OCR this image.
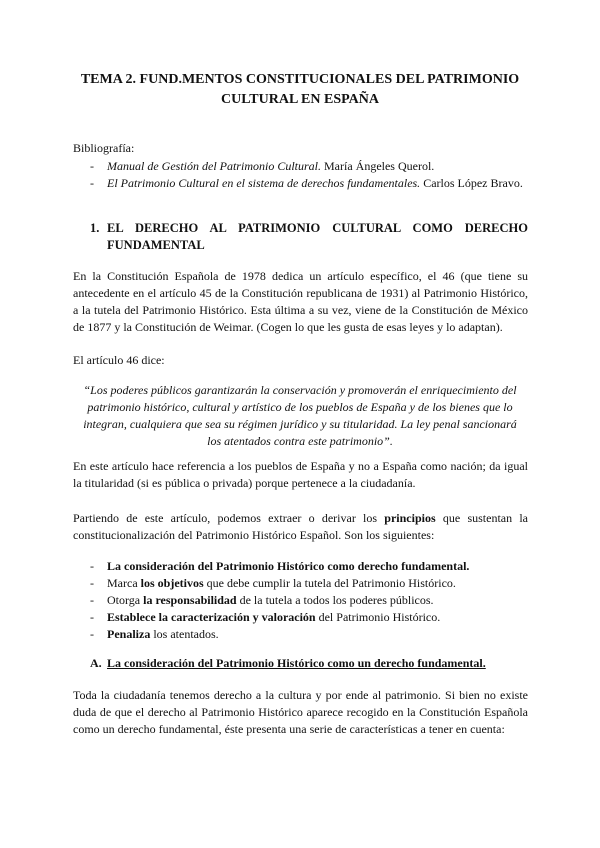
TEMA 2. FUND.MENTOS CONSTITUCIONALES DEL PATRIMONIO CULTURAL EN ESPAÑA
Bibliografía:
- Manual de Gestión del Patrimonio Cultural. María Ángeles Querol.
- El Patrimonio Cultural en el sistema de derechos fundamentales. Carlos López Bravo.
1. EL DERECHO AL PATRIMONIO CULTURAL COMO DERECHO FUNDAMENTAL
En la Constitución Española de 1978 dedica un artículo específico, el 46 (que tiene su antecedente en el artículo 45 de la Constitución republicana de 1931) al Patrimonio Histórico, a la tutela del Patrimonio Histórico. Esta última a su vez, viene de la Constitución de México de 1877 y la Constitución de Weimar. (Cogen lo que les gusta de esas leyes y lo adaptan).
El artículo 46 dice:
“Los poderes públicos garantizarán la conservación y promoverán el enriquecimiento del patrimonio histórico, cultural y artístico de los pueblos de España y de los bienes que lo integran, cualquiera que sea su régimen jurídico y su titularidad. La ley penal sancionará los atentados contra este patrimonio”.
En este artículo hace referencia a los pueblos de España y no a España como nación; da igual la titularidad (si es pública o privada) porque pertenece a la ciudadanía.
Partiendo de este artículo, podemos extraer o derivar los principios que sustentan la constitucionalización del Patrimonio Histórico Español. Son los siguientes:
- La consideración del Patrimonio Histórico como derecho fundamental.
- Marca los objetivos que debe cumplir la tutela del Patrimonio Histórico.
- Otorga la responsabilidad de la tutela a todos los poderes públicos.
- Establece la caracterización y valoración del Patrimonio Histórico.
- Penaliza los atentados.
A. La consideración del Patrimonio Histórico como un derecho fundamental.
Toda la ciudadanía tenemos derecho a la cultura y por ende al patrimonio. Si bien no existe duda de que el derecho al Patrimonio Histórico aparece recogido en la Constitución Española como un derecho fundamental, éste presenta una serie de características a tener en cuenta:
